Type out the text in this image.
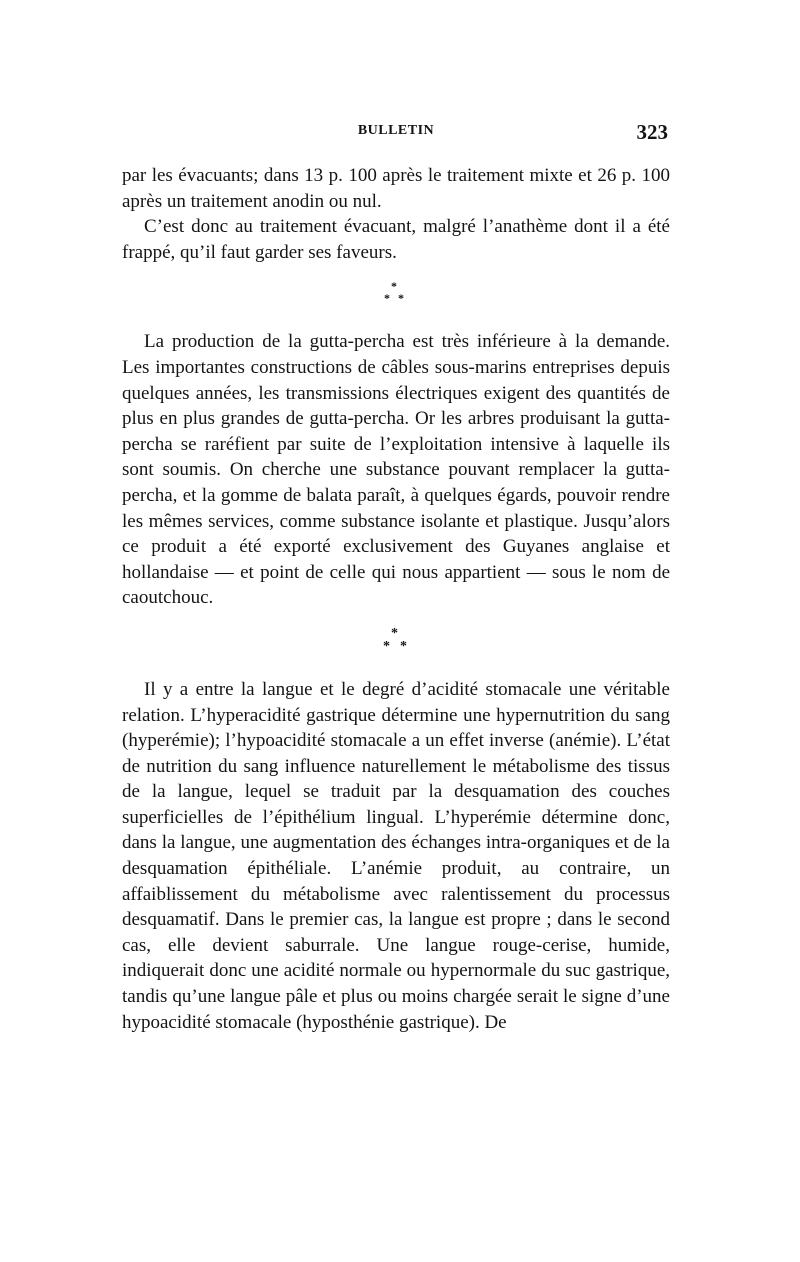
BULLETIN	323

par les évacuants; dans 13 p. 100 après le traitement mixte et 26 p. 100 après un traitement anodin ou nul.

C’est donc au traitement évacuant, malgré l’anathème dont il a été frappé, qu’il faut garder ses faveurs.

*
* *

La production de la gutta-percha est très inférieure à la demande. Les importantes constructions de câbles sous-marins entreprises depuis quelques années, les transmissions électriques exigent des quantités de plus en plus grandes de gutta-percha. Or les arbres produisant la gutta-percha se raréfient par suite de l’exploitation intensive à laquelle ils sont soumis. On cherche une substance pouvant remplacer la gutta-percha, et la gomme de balata paraît, à quelques égards, pouvoir rendre les mêmes services, comme substance isolante et plastique. Jusqu’alors ce produit a été exporté exclusivement des Guyanes anglaise et hollandaise — et point de celle qui nous appartient — sous le nom de caoutchouc.

*
* *

Il y a entre la langue et le degré d’acidité stomacale une véritable relation. L’hyperacidité gastrique détermine une hypernutrition du sang (hyperémie); l’hypoacidité stomacale a un effet inverse (anémie). L’état de nutrition du sang influence naturellement le métabolisme des tissus de la langue, lequel se traduit par la desquamation des couches superficielles de l’épithélium lingual. L’hyperémie détermine donc, dans la langue, une augmentation des échanges intra-organiques et de la desquamation épithéliale. L’anémie produit, au contraire, un affaiblissement du métabolisme avec ralentissement du processus desquamatif. Dans le premier cas, la langue est propre ; dans le second cas, elle devient saburrale. Une langue rouge-cerise, humide, indiquerait donc une acidité normale ou hypernormale du suc gastrique, tandis qu’une langue pâle et plus ou moins chargée serait le signe d’une hypoacidité stomacale (hyposthénie gastrique). De
